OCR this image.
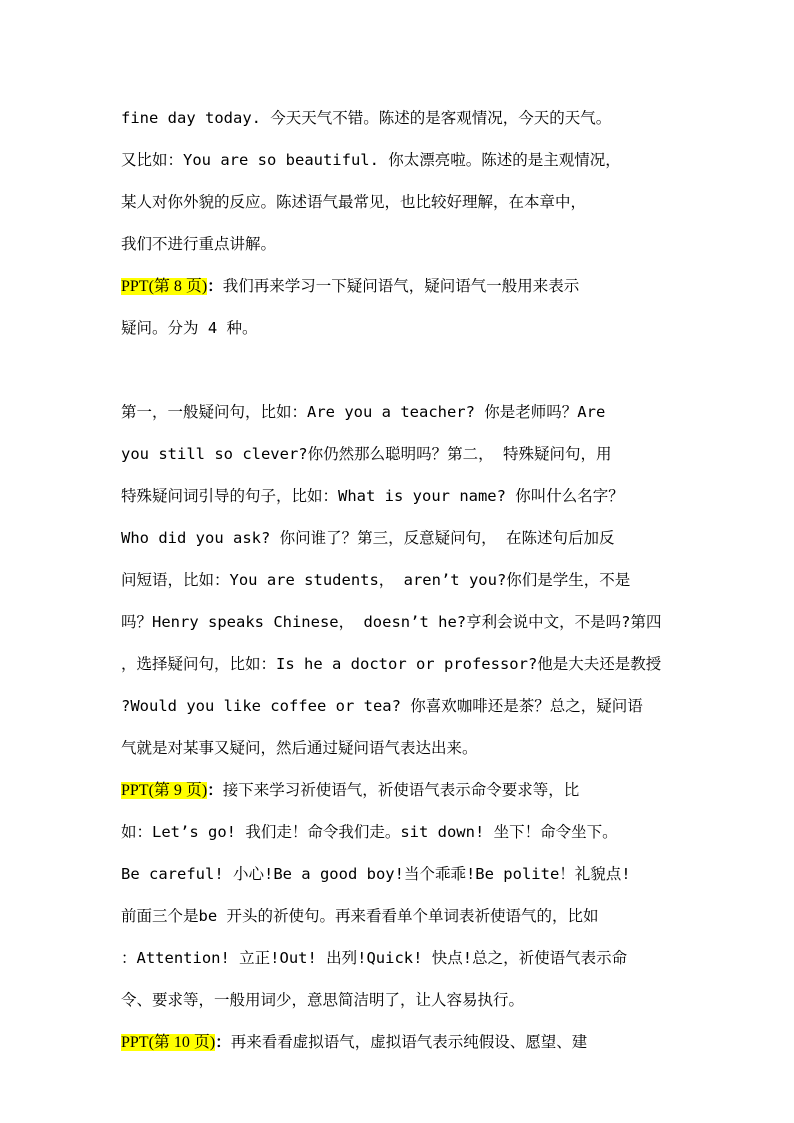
fine day today. 今天天气不错。陈述的是客观情况，今天的天气。
又比如：You are so beautiful. 你太漂亮啦。陈述的是主观情况，
某人对你外貌的反应。陈述语气最常见，也比较好理解，在本章中，
我们不进行重点讲解。
PPT(第 8 页)：我们再来学习一下疑问语气，疑问语气一般用来表示
疑问。分为 4 种。
第一，一般疑问句，比如：Are you a teacher? 你是老师吗？Are
you still so clever?你仍然那么聪明吗？第二， 特殊疑问句，用
特殊疑问词引导的句子，比如：What is your name? 你叫什么名字？
Who did you ask? 你问谁了？第三，反意疑问句， 在陈述句后加反
问短语，比如：You are students， aren’t you?你们是学生，不是
吗？Henry speaks Chinese， doesn’t he?亨利会说中文，不是吗?第四
，选择疑问句，比如：Is he a doctor or professor?他是大夫还是教授
?Would you like coffee or tea? 你喜欢咖啡还是茶？总之，疑问语
气就是对某事又疑问，然后通过疑问语气表达出来。
PPT(第 9 页)：接下来学习祈使语气，祈使语气表示命令要求等，比
如：Let’s go! 我们走！命令我们走。sit down! 坐下！命令坐下。
Be careful! 小心!Be a good boy!当个乖乖!Be polite！礼貌点!
前面三个是be 开头的祈使句。再来看看单个单词表祈使语气的，比如
：Attention! 立正!Out! 出列!Quick! 快点!总之，祈使语气表示命
令、要求等，一般用词少，意思简洁明了，让人容易执行。
PPT(第 10 页)：再来看看虚拟语气，虚拟语气表示纯假设、愿望、建
